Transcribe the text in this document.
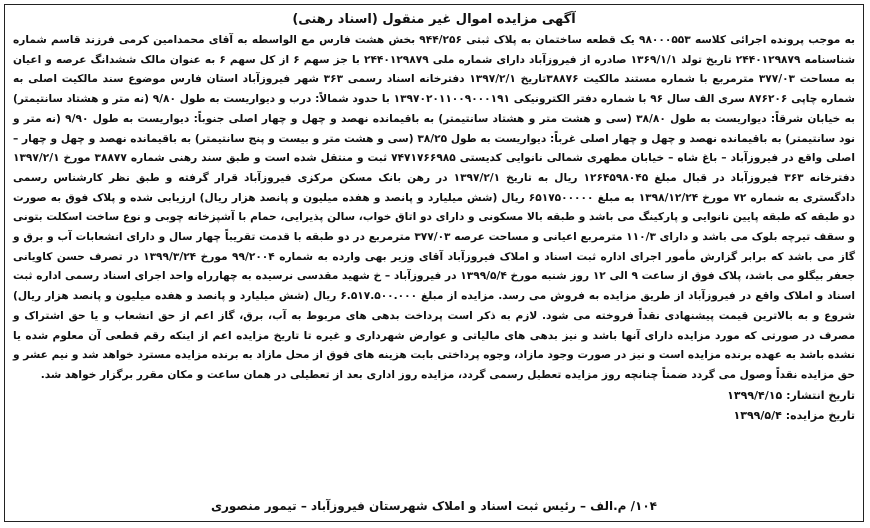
آگهی مزایده اموال غیر منقول (اسناد رهنی)

به موجب پرونده اجرائی کلاسه ۹۸۰۰۰۵۵۳ یک قطعه ساختمان به پلاک ثبتی ۹۴۴/۲۵۶ بخش هشت فارس مع الواسطه به آقای محمدامین کرمی فرزند قاسم شماره شناسنامه ۲۴۴۰۱۲۹۸۷۹ تاریخ تولد ۱۳۶۹/۱/۱ صادره از فیروزآباد دارای شماره ملی ۲۴۴۰۱۲۹۸۷۹ با جز سهم ۶ از کل سهم ۶ به عنوان مالک ششدانگ عرصه و اعیان به مساحت ۳۷۷/۰۳ مترمربع با شماره مستند مالکیت ۳۸۸۷۶تاریخ ۱۳۹۷/۲/۱ دفترخانه اسناد رسمی ۳۶۳ شهر فیروزآباد استان فارس موضوع سند مالکیت اصلی به شماره چاپی ۸۷۶۲۰۶ سری الف سال ۹۶ با شماره دفتر الکترونیکی ۱۳۹۷۰۲۰۱۱۰۰۹۰۰۰۱۹۱ با حدود شمالاً: درب و دیواریست به طول ۹/۸۰ (نه متر و هشتاد سانتیمتر) به خیابان شرقاً: دیواریست به طول ۳۸/۸۰ (سی و هشت متر و هشتاد سانتیمتر) به باقیمانده نهصد و چهل و چهار اصلی جنوباً: دیواریست به طول ۹/۹۰ (نه متر و نود سانتیمتر) به باقیمانده نهصد و چهل و چهار اصلی غرباً: دیواریست به طول ۳۸/۲۵ (سی و هشت متر و بیست و پنج سانتیمتر) به باقیمانده نهصد و چهل و چهار – اصلی واقع در فیروزآباد – باغ شاه – خیابان مطهری شمالی نانوایی کدیستی ۷۴۷۱۷۶۶۹۸۵ ثبت و منتقل شده است و طبق سند رهنی شماره ۳۸۸۷۷ مورخ ۱۳۹۷/۲/۱ دفترخانه ۳۶۳ فیروزآباد در قبال مبلغ ۱۲۶۴۵۹۸۰۴۵ ریال به تاریخ ۱۳۹۷/۲/۱ در رهن بانک مسکن مرکزی فیروزآباد قرار گرفته و طبق نظر کارشناس رسمی دادگستری به شماره ۷۲ مورخ ۱۳۹۸/۱۲/۲۴ به مبلغ ۶۵۱۷۵۰۰۰۰۰ ریال (شش میلیارد و پانصد و هفده میلیون و پانصد هزار ریال) ارزیابی شده و پلاک فوق به صورت دو طبقه که طبقه پایین نانوایی و پارکینگ می باشد و طبقه بالا مسکونی و دارای دو اتاق خواب، سالن پذیرایی، حمام با آشپزخانه چوبی و نوع ساخت اسکلت بتونی و سقف تیرچه بلوک می باشد و دارای ۱۱۰/۳ مترمربع اعیانی و مساحت عرصه ۳۷۷/۰۳ مترمربع در دو طبقه با قدمت تقریباً چهار سال و دارای انشعابات آب و برق و گاز می باشد که برابر گزارش مأمور اجرای اداره ثبت اسناد و املاک فیروزآباد آقای وزیر بهی وارده به شماره ۹۹/۲۰۰۴ مورخ ۱۳۹۹/۳/۲۴ در تصرف حسن کاویانی جعفر بیگلو می باشد، پلاک فوق از ساعت ۹ الی ۱۲ روز شنبه مورخ ۱۳۹۹/۵/۴ در فیروزآباد – خ شهید مقدسی نرسیده به چهارراه واحد اجرای اسناد رسمی اداره ثبت اسناد و املاک واقع در فیروزآباد از طریق مزایده به فروش می رسد. مزایده از مبلغ ۶.۵۱۷.۵۰۰.۰۰۰ ریال (شش میلیارد و پانصد و هفده میلیون و پانصد هزار ریال) شروع و به بالاترین قیمت پیشنهادی نقداً فروخته می شود. لازم به ذکر است پرداخت بدهی های مربوط به آب، برق، گاز اعم از حق انشعاب و یا حق اشتراک و مصرف در صورتی که مورد مزایده دارای آنها باشد و نیز بدهی های مالیاتی و عوارض شهرداری و غیره تا تاریخ مزایده اعم از اینکه رقم قطعی آن معلوم شده یا نشده باشد به عهده برنده مزایده است و نیز در صورت وجود مازاد، وجوه پرداختی بابت هزینه های فوق از محل مازاد به برنده مزایده مسترد خواهد شد و نیم عشر و حق مزایده نقداً وصول می گردد ضمناً چنانچه روز مزایده تعطیل رسمی گردد، مزایده روز اداری بعد از تعطیلی در همان ساعت و مکان مقرر برگزار خواهد شد.

تاریخ انتشار: ۱۳۹۹/۴/۱۵
تاریخ مزایده: ۱۳۹۹/۵/۴
۱۰۴/ م.الف – رئیس ثبت اسناد و املاک شهرستان فیروزآباد – تیمور منصوری
